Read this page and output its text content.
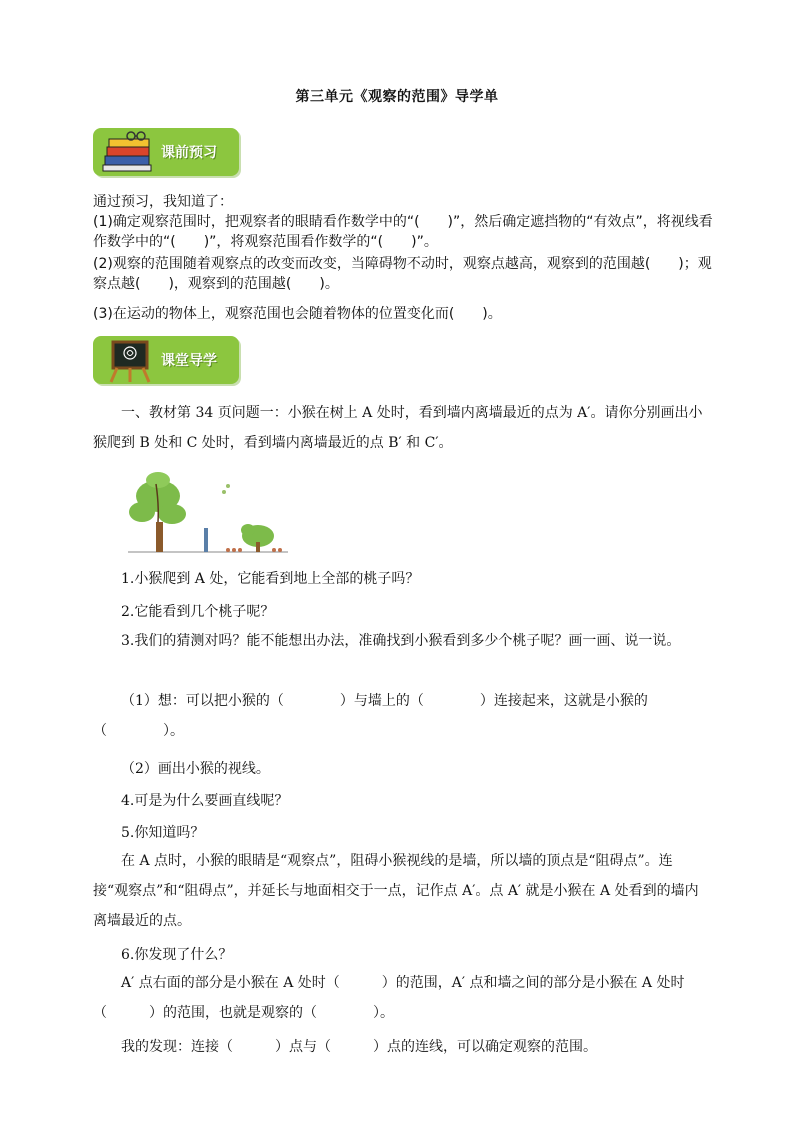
第三单元《观察的范围》导学单
课前预习
通过预习，我知道了：
(1)确定观察范围时，把观察者的眼睛看作数学中的“(　　)”，然后确定遮挡物的“有效点”，将视线看作数学中的“(　　)”，将观察范围看作数学的“(　　)”。
(2)观察的范围随着观察点的改变而改变，当障碍物不动时，观察点越高，观察到的范围越(　　)；观察点越(　　)，观察到的范围越(　　)。
(3)在运动的物体上，观察范围也会随着物体的位置变化而(　　)。
课堂导学
一、教材第 34 页问题一：小猴在树上 A 处时，看到墙内离墙最近的点为 A′。请你分别画出小猴爬到 B 处和 C 处时，看到墙内离墙最近的点 B′ 和 C′。
1.小猴爬到 A 处，它能看到地上全部的桃子吗？
2.它能看到几个桃子呢？
3.我们的猜测对吗？能不能想出办法，准确找到小猴看到多少个桃子呢？画一画、说一说。
（1）想：可以把小猴的（　　　　）与墙上的（　　　　）连接起来，这就是小猴的（　　　　）。
（2）画出小猴的视线。
4.可是为什么要画直线呢？
5.你知道吗？
在 A 点时，小猴的眼睛是“观察点”，阻碍小猴视线的是墙，所以墙的顶点是“阻碍点”。连接“观察点”和“阻碍点”，并延长与地面相交于一点，记作点 A′。点 A′ 就是小猴在 A 处看到的墙内离墙最近的点。
6.你发现了什么？
A′ 点右面的部分是小猴在 A 处时（　　　）的范围，A′ 点和墙之间的部分是小猴在 A 处时（　　　）的范围，也就是观察的（　　　　）。
我的发现：连接（　　　）点与（　　　）点的连线，可以确定观察的范围。
